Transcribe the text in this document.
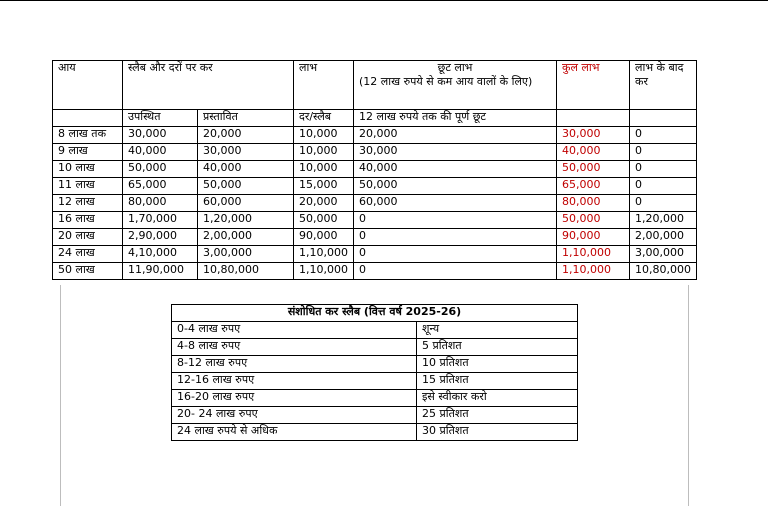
आय	स्लैब और दरों पर कर		लाभ	छूट लाभ
(12 लाख रुपये से कम आय वालों के लिए)	कुल लाभ	लाभ के बाद कर
	उपस्थित	प्रस्तावित	दर/स्लैब	12 लाख रुपये तक की पूर्ण छूट		
8 लाख तक	30,000	20,000	10,000	20,000	30,000	0
9 लाख	40,000	30,000	10,000	30,000	40,000	0
10 लाख	50,000	40,000	10,000	40,000	50,000	0
11 लाख	65,000	50,000	15,000	50,000	65,000	0
12 लाख	80,000	60,000	20,000	60,000	80,000	0
16 लाख	1,70,000	1,20,000	50,000	0	50,000	1,20,000
20 लाख	2,90,000	2,00,000	90,000	0	90,000	2,00,000
24 लाख	4,10,000	3,00,000	1,10,000	0	1,10,000	3,00,000
50 लाख	11,90,000	10,80,000	1,10,000	0	1,10,000	10,80,000
संशोधित कर स्लैब (वित्त वर्ष 2025-26)	
0-4 लाख रुपए	शून्य
4-8 लाख रुपए	5 प्रतिशत
8-12 लाख रुपए	10 प्रतिशत
12-16 लाख रुपए	15 प्रतिशत
16-20 लाख रुपए	इसे स्वीकार करो
20- 24 लाख रुपए	25 प्रतिशत
24 लाख रुपये से अधिक	30 प्रतिशत
